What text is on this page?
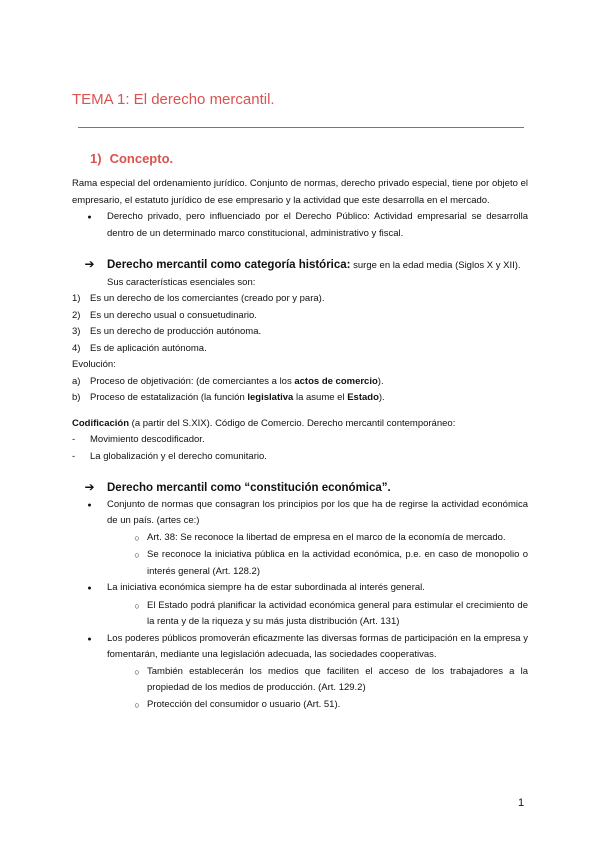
TEMA 1: El derecho mercantil.
1) Concepto.

Rama especial del ordenamiento jurídico. Conjunto de normas, derecho privado especial, tiene por objeto el empresario, el estatuto jurídico de ese empresario y la actividad que este desarrolla en el mercado.

●
Derecho privado, pero influenciado por el Derecho Público: Actividad empresarial se desarrolla dentro de un determinado marco constitucional, administrativo y fiscal.
➔	Derecho mercantil como categoría histórica: surge en la edad media (Siglos X y XII). Sus características esenciales son:
1)	Es un derecho de los comerciantes (creado por y para).
2)	Es un derecho usual o consuetudinario.
3)	Es un derecho de producción autónoma.
4)	Es de aplicación autónoma.

Evolución:

a)	Proceso de objetivación: (de comerciantes a los actos de comercio).
b)	Proceso de estatalización (la función legislativa la asume el Estado).

Codificación (a partir del S.XIX). Código de Comercio. Derecho mercantil contemporáneo:

-	Movimiento descodificador.
-	La globalización y el derecho comunitario.
➔	Derecho mercantil como “constitución económica”.
●
Conjunto de normas que consagran los principios por los que ha de regirse la actividad económica de un país. (artes ce:)
○
Art. 38: Se reconoce la libertad de empresa en el marco de la economía de mercado.
○
Se reconoce la iniciativa pública en la actividad económica, p.e. en caso de monopolio o interés general (Art. 128.2)
●
La iniciativa económica siempre ha de estar subordinada al interés general.
○
El Estado podrá planificar la actividad económica general para estimular el crecimiento de la renta y de la riqueza y su más justa distribución (Art. 131)
●
Los poderes públicos promoverán eficazmente las diversas formas de participación en la empresa y fomentarán, mediante una legislación adecuada, las sociedades cooperativas.
○
También establecerán los medios que faciliten el acceso de los trabajadores a la propiedad de los medios de producción. (Art. 129.2)
○
Protección del consumidor o usuario (Art. 51).
1
